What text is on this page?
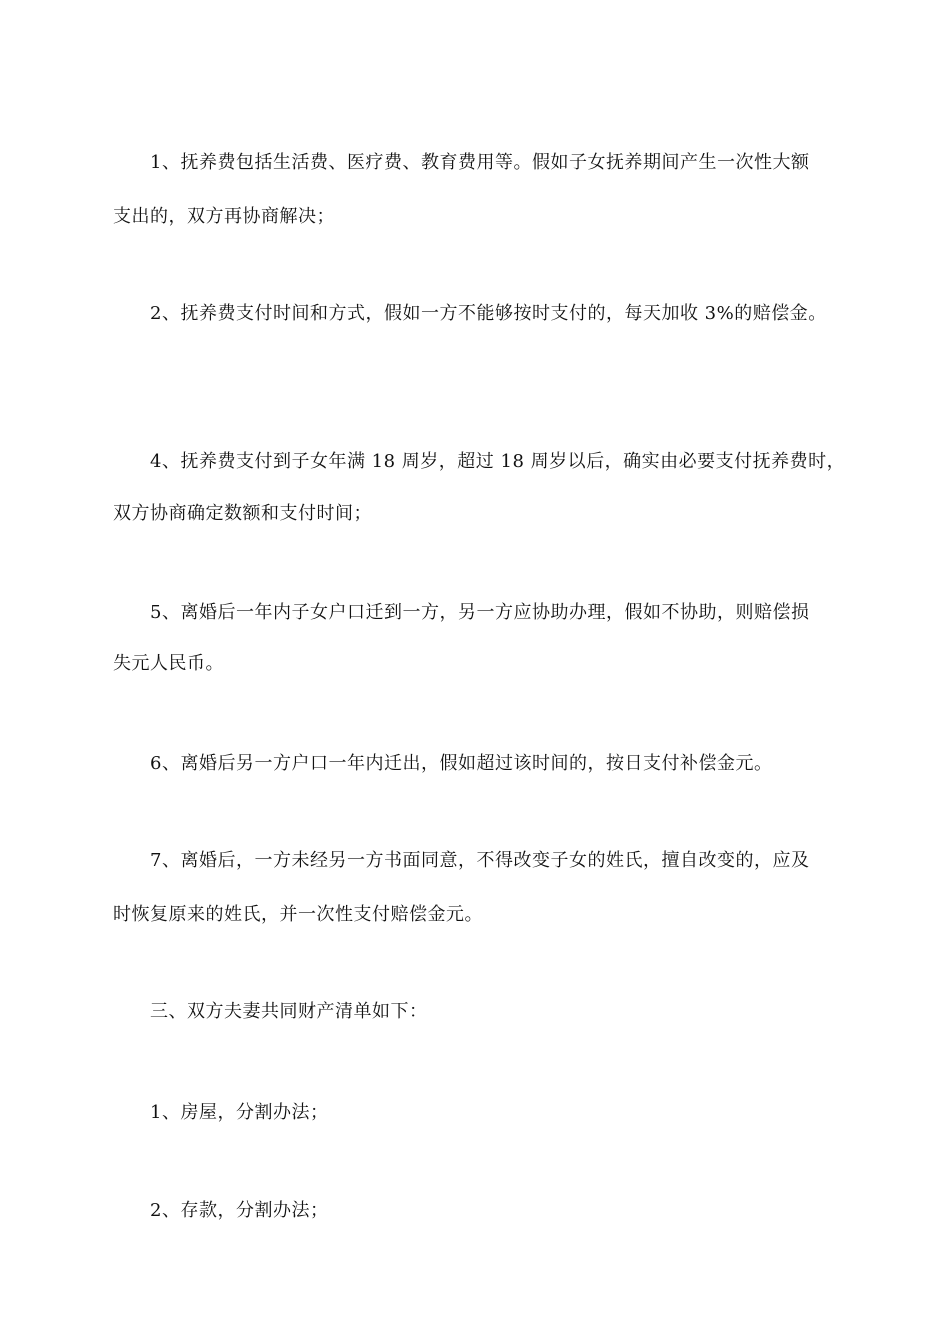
1、抚养费包括生活费、医疗费、教育费用等。假如子女抚养期间产生一次性大额
支出的，双方再协商解决；
2、抚养费支付时间和方式，假如一方不能够按时支付的，每天加收 3%的赔偿金。
4、抚养费支付到子女年满 18 周岁，超过 18 周岁以后，确实由必要支付抚养费时，
双方协商确定数额和支付时间；
5、离婚后一年内子女户口迁到一方，另一方应协助办理，假如不协助，则赔偿损
失元人民币。
6、离婚后另一方户口一年内迁出，假如超过该时间的，按日支付补偿金元。
7、离婚后，一方未经另一方书面同意，不得改变子女的姓氏，擅自改变的，应及
时恢复原来的姓氏，并一次性支付赔偿金元。
三、双方夫妻共同财产清单如下：
1、房屋，分割办法；
2、存款，分割办法；
